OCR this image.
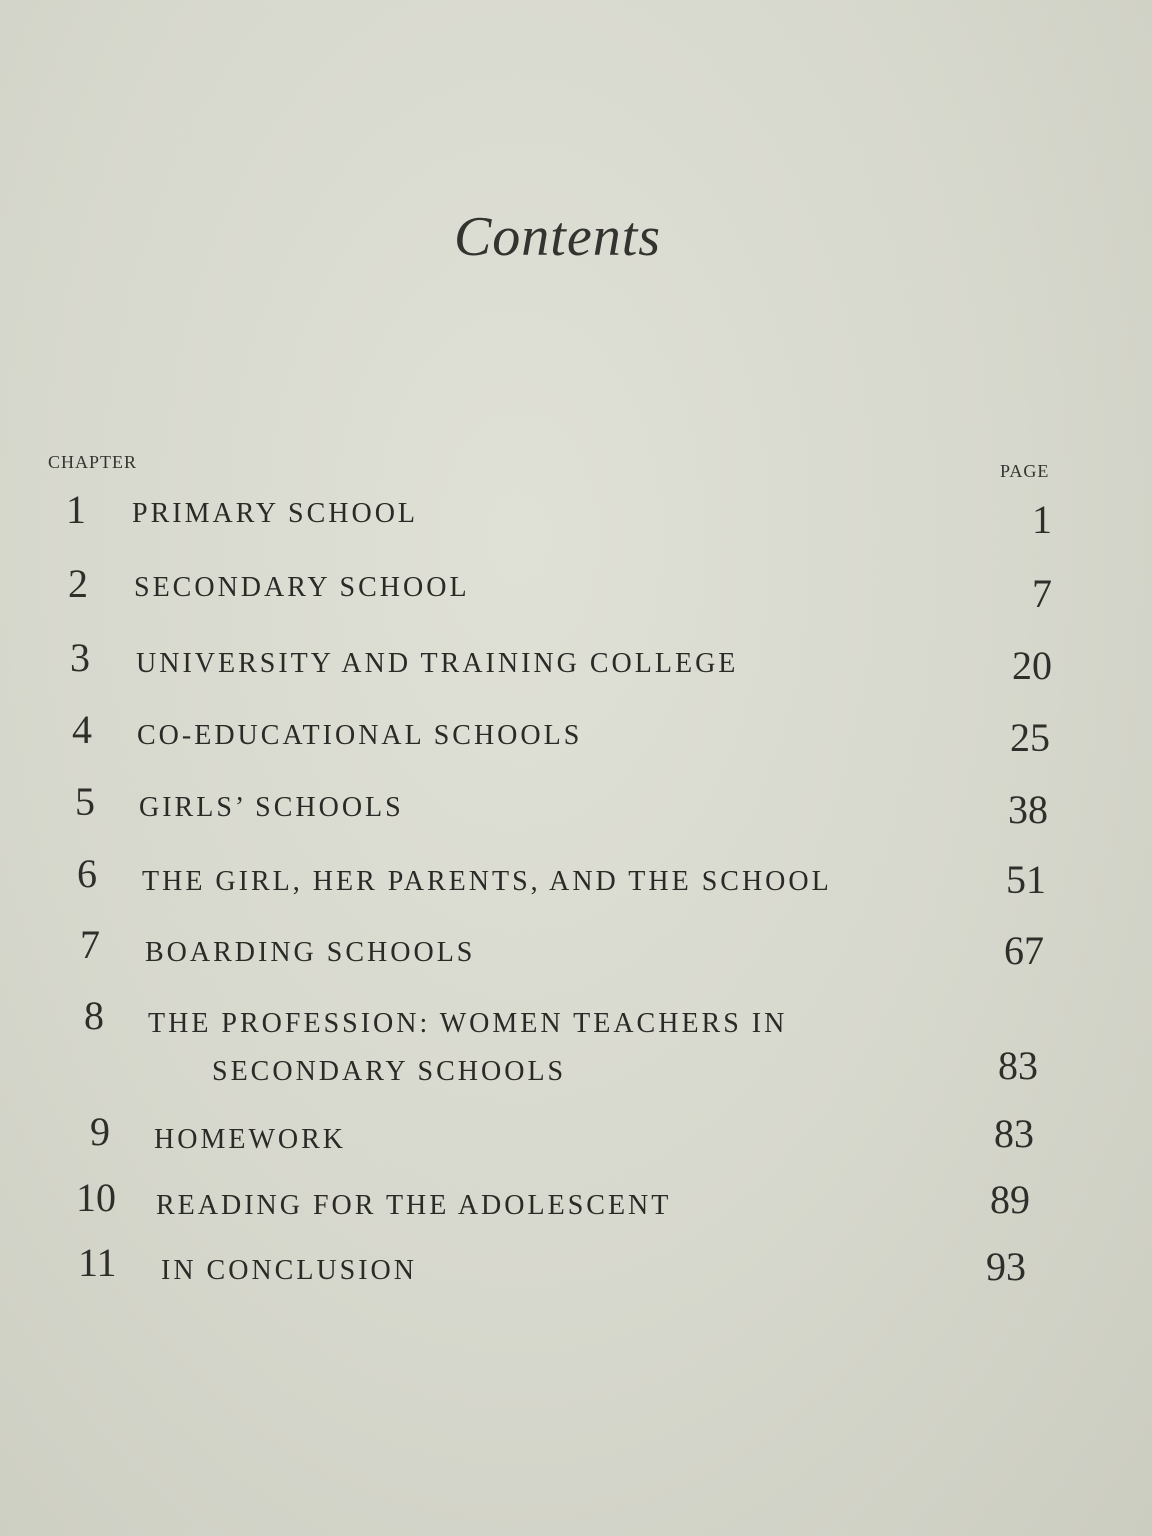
Contents
CHAPTER	PAGE
1 PRIMARY SCHOOL	1
2 SECONDARY SCHOOL	7
3 UNIVERSITY AND TRAINING COLLEGE	20
4 CO-EDUCATIONAL SCHOOLS	25
5 GIRLS’ SCHOOLS	38
6 THE GIRL, HER PARENTS, AND THE SCHOOL	51
7 BOARDING SCHOOLS	67
8 THE PROFESSION: WOMEN TEACHERS IN
SECONDARY SCHOOLS	83
9 HOMEWORK	83
10 READING FOR THE ADOLESCENT	89
11 IN CONCLUSION	93
